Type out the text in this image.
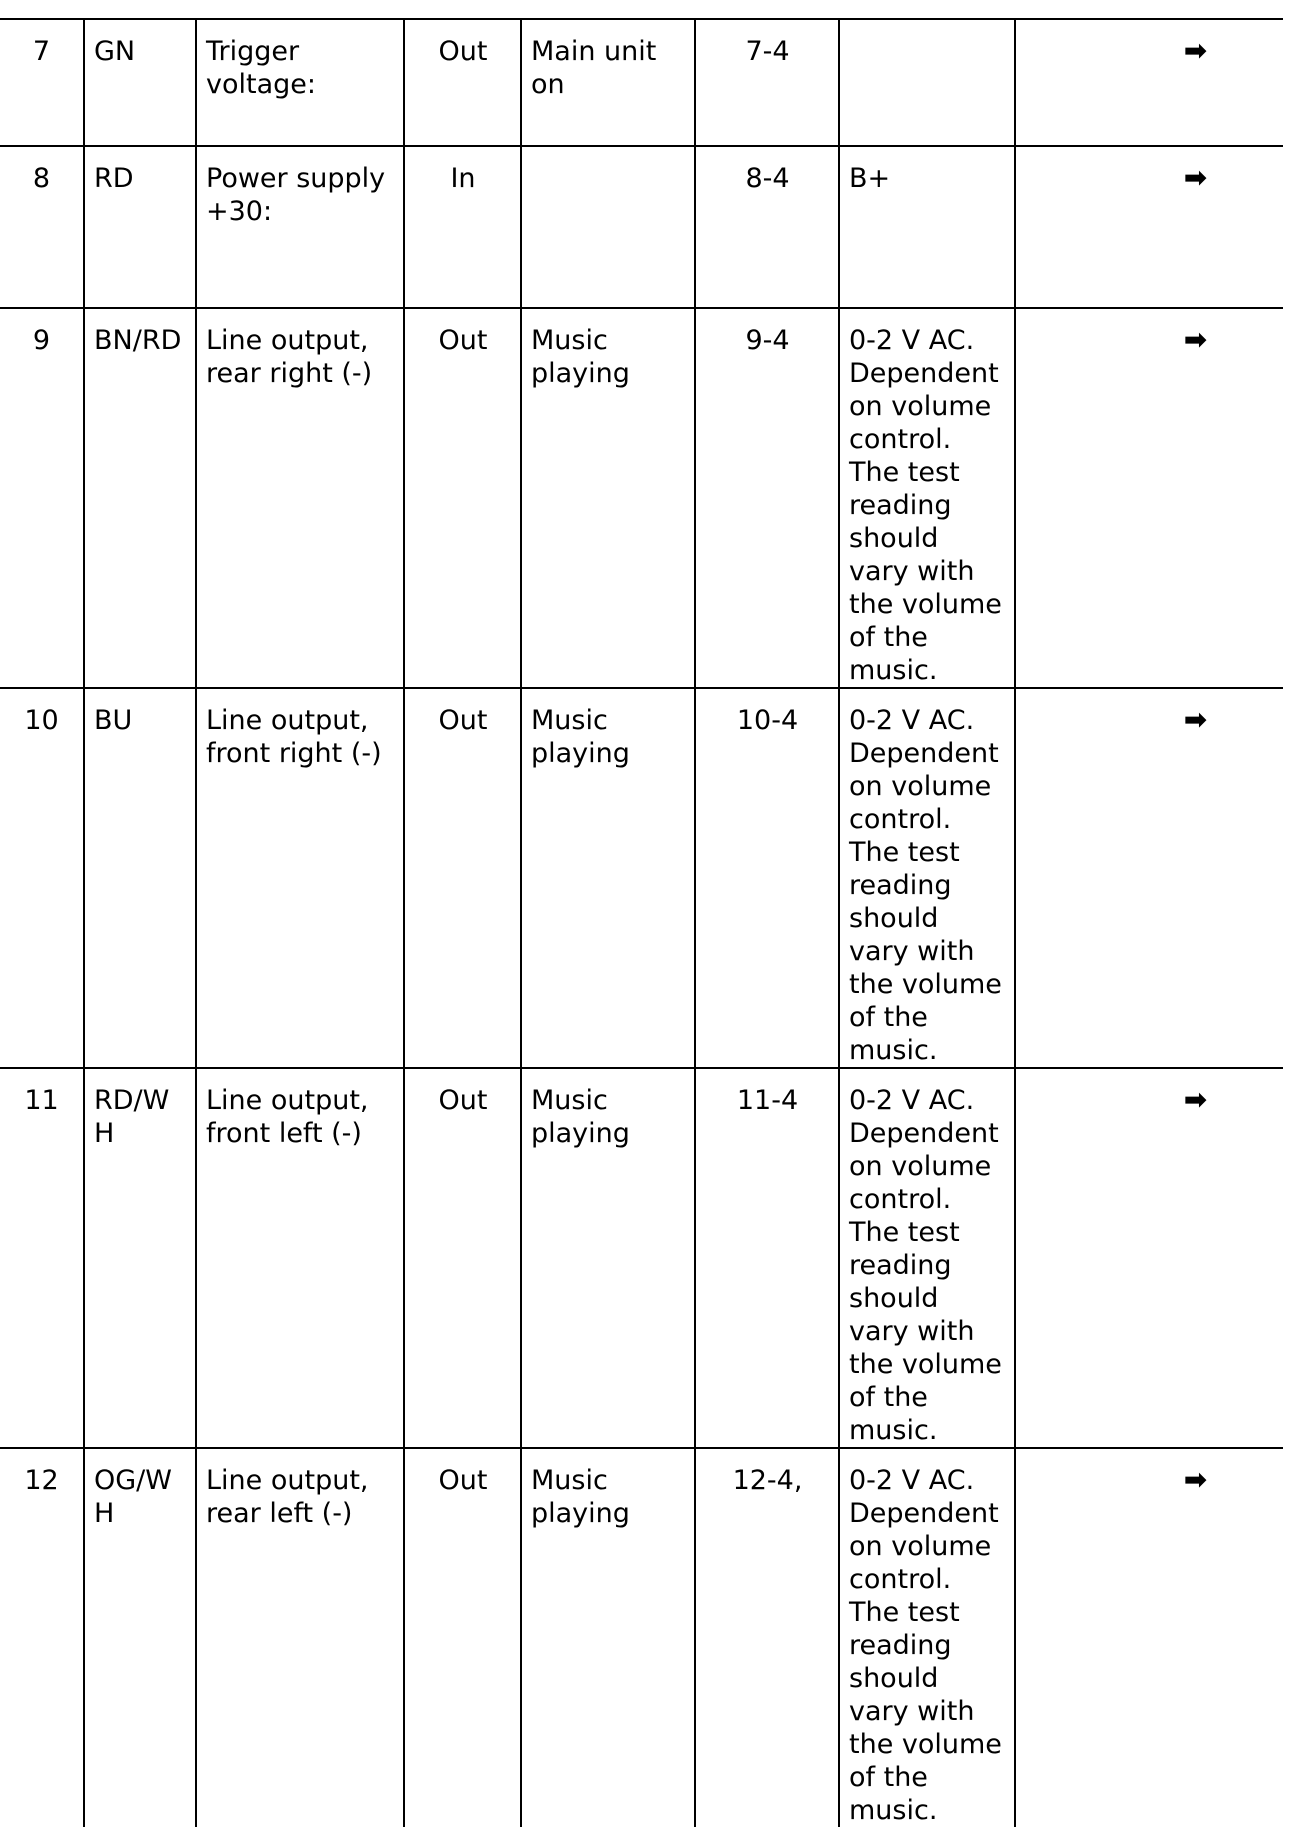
7	GN	Trigger voltage:	Out	Main unit on	7-4		➡
8	RD	Power supply +30:	In		8-4	B+	➡
9	BN/RD	Line output, rear right (-)	Out	Music playing	9-4	0-2 V AC. Dependent on volume control. The test reading should vary with the volume of the music.	➡
10	BU	Line output, front right (-)	Out	Music playing	10-4	0-2 V AC. Dependent on volume control. The test reading should vary with the volume of the music.	➡
11	RD/WH	Line output, front left (-)	Out	Music playing	11-4	0-2 V AC. Dependent on volume control. The test reading should vary with the volume of the music.	➡
12	OG/WH	Line output, rear left (-)	Out	Music playing	12-4,	0-2 V AC. Dependent on volume control. The test reading should vary with the volume of the music.	➡
